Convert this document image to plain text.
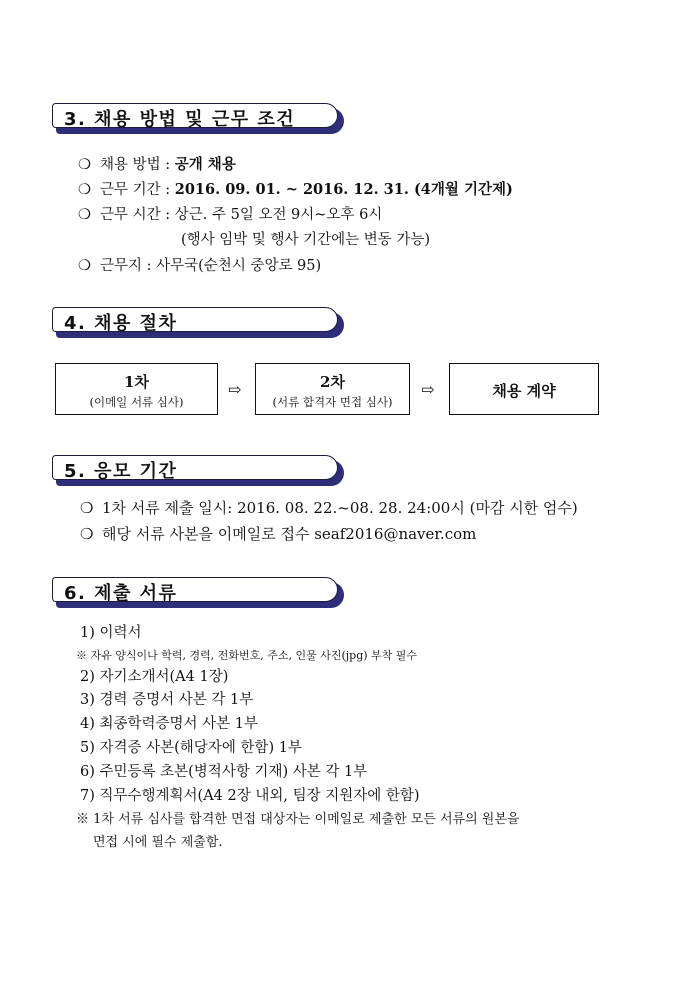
3. 채용 방법 및 근무 조건
❍ 채용 방법 : 공개 채용
❍ 근무 기간 : 2016. 09. 01. ~ 2016. 12. 31. (4개월 기간제)
❍ 근무 시간 : 상근. 주 5일 오전 9시~오후 6시
(행사 임박 및 행사 기간에는 변동 가능)
❍ 근무지 : 사무국(순천시 중앙로 95)
4. 채용 절차
1차
(이메일 서류 심사)
⇨	2차
(서류 합격자 면접 심사)
⇨	채용 계약
5. 응모 기간
❍ 1차 서류 제출 일시: 2016. 08. 22.~08. 28. 24:00시 (마감 시한 엄수)
❍ 해당 서류 사본을 이메일로 접수 seaf2016@naver.com
6. 제출 서류
1) 이력서
※ 자유 양식이나 학력, 경력, 전화번호, 주소, 인물 사진(jpg) 부착 필수
2) 자기소개서(A4 1장)
3) 경력 증명서 사본 각 1부
4) 최종학력증명서 사본 1부
5) 자격증 사본(해당자에 한함) 1부
6) 주민등록 초본(병적사항 기재) 사본 각 1부
7) 직무수행계획서(A4 2장 내외, 팀장 지원자에 한함)
※ 1차 서류 심사를 합격한 면접 대상자는 이메일로 제출한 모든 서류의 원본을
면접 시에 필수 제출함.
